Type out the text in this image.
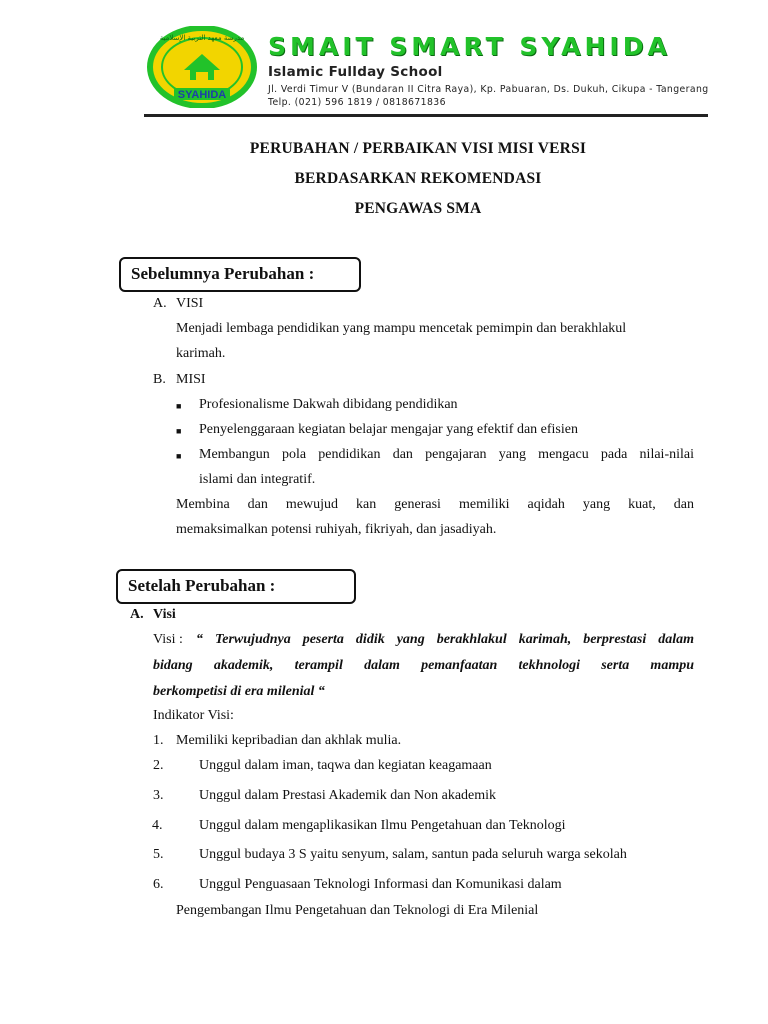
SYAHIDA
مدرسة معهد التربية الإسلامية SMAIT SMART SYAHIDA
Islamic Fullday School
Jl. Verdi Timur V (Bundaran II Citra Raya), Kp. Pabuaran, Ds. Dukuh, Cikupa - Tangerang
Telp. (021) 596 1819 / 0818671836
PERUBAHAN / PERBAIKAN VISI MISI VERSI
BERDASARKAN REKOMENDASI
PENGAWAS SMA
Sebelumnya Perubahan :
A. VISI
Menjadi lembaga pendidikan yang mampu mencetak pemimpin dan berakhlakul
karimah.
B. MISI
■ Profesionalisme Dakwah dibidang pendidikan
■ Penyelenggaraan kegiatan belajar mengajar yang efektif dan efisien
■ Membangun pola pendidikan dan pengajaran yang mengacu pada nilai-nilai
islami dan integratif.
Membina dan mewujud kan generasi memiliki aqidah yang kuat, dan
memaksimalkan potensi ruhiyah, fikriyah, dan jasadiyah.
Setelah Perubahan :
A. Visi
Visi : “ Terwujudnya peserta didik yang berakhlakul karimah, berprestasi dalam
bidang akademik, terampil dalam pemanfaatan tekhnologi serta mampu
berkompetisi di era milenial “
Indikator Visi:
1. Memiliki kepribadian dan akhlak mulia.
2.	Unggul dalam iman, taqwa dan kegiatan keagamaan
3.	Unggul dalam Prestasi Akademik dan Non akademik
4.	Unggul dalam mengaplikasikan Ilmu Pengetahuan dan Teknologi
5.	Unggul budaya 3 S yaitu senyum, salam, santun pada seluruh warga sekolah
6.	Unggul Penguasaan Teknologi Informasi dan Komunikasi dalam
Pengembangan Ilmu Pengetahuan dan Teknologi di Era Milenial
